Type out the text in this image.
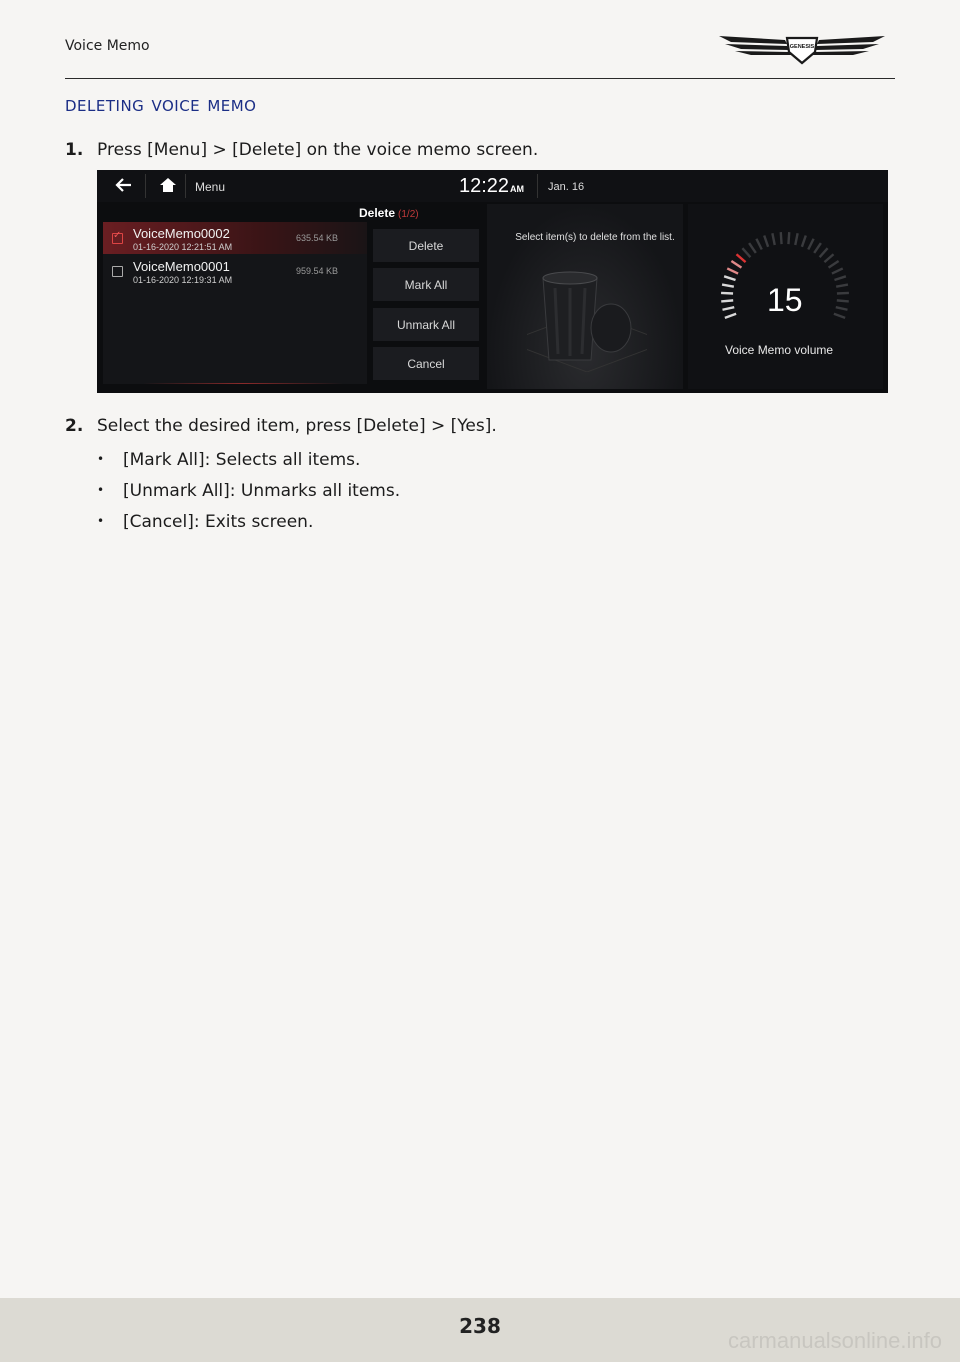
Voice Memo	GENESIS
deleting voice memo
1. Press [Menu] > [Delete] on the voice memo screen.
Menu	12:22 AM Jan. 16
Delete (1/2)
✓
VoiceMemo0002
01-16-2020 12:21:51 AM
635.54 KB
VoiceMemo0001
01-16-2020 12:19:31 AM
959.54 KB
Delete
Mark All
Unmark All
Cancel
Select item(s) to delete from the list.
15
Voice Memo volume
2. Select the desired item, press [Delete] > [Yes].
• [Mark All]: Selects all items.
• [Unmark All]: Unmarks all items.
• [Cancel]: Exits screen.
238
carmanualsonline.info
